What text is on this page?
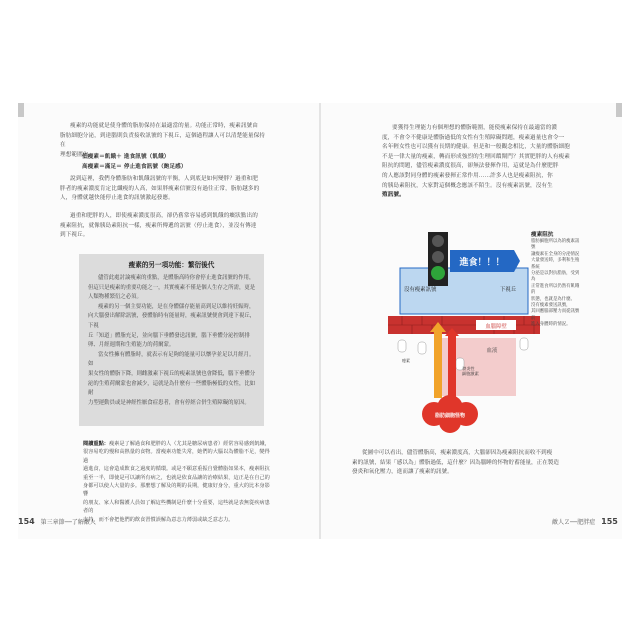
瘦素的功能就是使身體的脂肪保持在最適當的量。功能正常時，瘦素訊號由
脂肪細胞分泌，到達腦則負責接收訊號的下視丘，這個過程讓人可以清楚能量保持在
理想範圍內。
低瘦素＝飢餓＋ 進食訊號（飢餓）
高瘦素＝滿足＝ 停止進食訊號（飽足感）
說到這裡，我們身體脂肪和飢餓訊號的平衡，人到底是如何變胖？過重和肥
胖者的瘦素濃度肯定比纖瘦的人高，如果胖瘦素信號沒有過往正常，脂肪越多的
人，身體就越快能停止進食的訊號激起發應。
過重和肥胖的人，即使瘦素濃度很高，卻仍舊常容易感到飢餓的癥狀點出的
瘦素阻抗，就像胰島素阻抗一樣，瘦素所傳遞的訊號（停止進食），並沒有傳達
到下視丘。
瘦素的另一項功能：繁衍後代
儘管此處討論瘦素的重點，是體脂高時你會停止進食訊號的作用，
但這只是瘦素的重要功能之一，其實瘦素不僅是個人生存之所需，更是
人類物種繁衍之必須。
瘦素的另一個主要功能，是在身體儲存能量高到足以維持妊娠時，
向大腦發出解除訊號，發體胎時有能量時，瘦素訊號便會到達下視丘，下視
丘「知道」體脂充足，並向腦下垂體發送訊號，腦下垂體分泌控制排
卵、月經週期和生殖能力的荷爾蒙。
當女性擁有體脂時，就表示有足夠的能量可以懷孕並足以月經月。如
果女性的體脂下降，則雌激素下視丘的瘦素訊號也會降低，腦下垂體分
泌的生殖荷爾蒙也會減少，這就是為什麼有一些體脂極低的女性，比如耐
力型運動員或是神經性厭食症患者，會有停經合併生殖障礙的原因。
閱讀重點：瘦素是了解過食和肥胖的人（尤其是糖尿病患者）經常容易感到飢餓，
很容易吃的慢和高熱量的食物。當瘦素功能失常，她們的大腦以為體脂不足，變得過
過進食，這會造成飲食之過度的循環。或是不願意重振自覺體脂如果本，瘦素阻抗
重至一半，即使是可以讓所有病之，也就是依食品讓的治療結果，這正是在自己的
身都可以使人大量的多。那麼想了解及的期的長期，健康好身分，重大的比本身影響
的朋友、家人和醫護人員如了解這些機制是什麼十分重要，這些就是表無從疾病患者的
支持，而不會把他們的飲食習慣誤解為意志力薄弱或缺乏意志力。
154 第三章節──了解敵人	敵人Ｚ──肥胖症 155
要獲得生理能力有個理想的體脂範圍，能使瘦素保持在最適當的濃
度，不會令不健康是體脂過低的女性有生殖障礙問題，瘦素過量也會令一
名年輕女性也可以獲有長期的健康。但是和一般觀念相比，大量的體脂細胞
不是一律大量的瘦素，轉而形成強烈的生理回饋閘門？其實肥胖的人有瘦素
阻抗的問題，儘管瘦素濃度很高，卻無法發揮作用，這就是為什麼肥胖
的人應該對同身體的瘦素發揮正常作用……許多人也是瘦素阻抗，你
的胰島素阻抗，大家對這個概念應該不陌生。沒有瘦素訊號，沒有生
殖訊號。
進食！！！
沒有瘦素訊號	下視丘
血腦障壁
血液
瘦素
發炎性細胞激素
脂肪細胞怪物
瘦素阻抗
脂肪細胞所以為的瘦素訊號
讓瘦素在全身的分泌情況
大量發送時，多利和生殖系統
分泌是以對抗脂肪，受到為
正常進食所以仍然有飢餓的
狀態，也就是為什麼。
沒有瘦素發送訊號，
其回應腦部壓力而從訊號前
進入身體時的情況。
從圖中可以看出，儘管體脂高，瘦素濃度高，大腦卻因為瘦素阻抗而收不到瘦
素的訊號，結果「感以為」體脂過低，這什麼？因為腦睡的怀物貯蓄能量，正在製造
發炎和氧化壓力，進而讓了瘦素的訊號。
